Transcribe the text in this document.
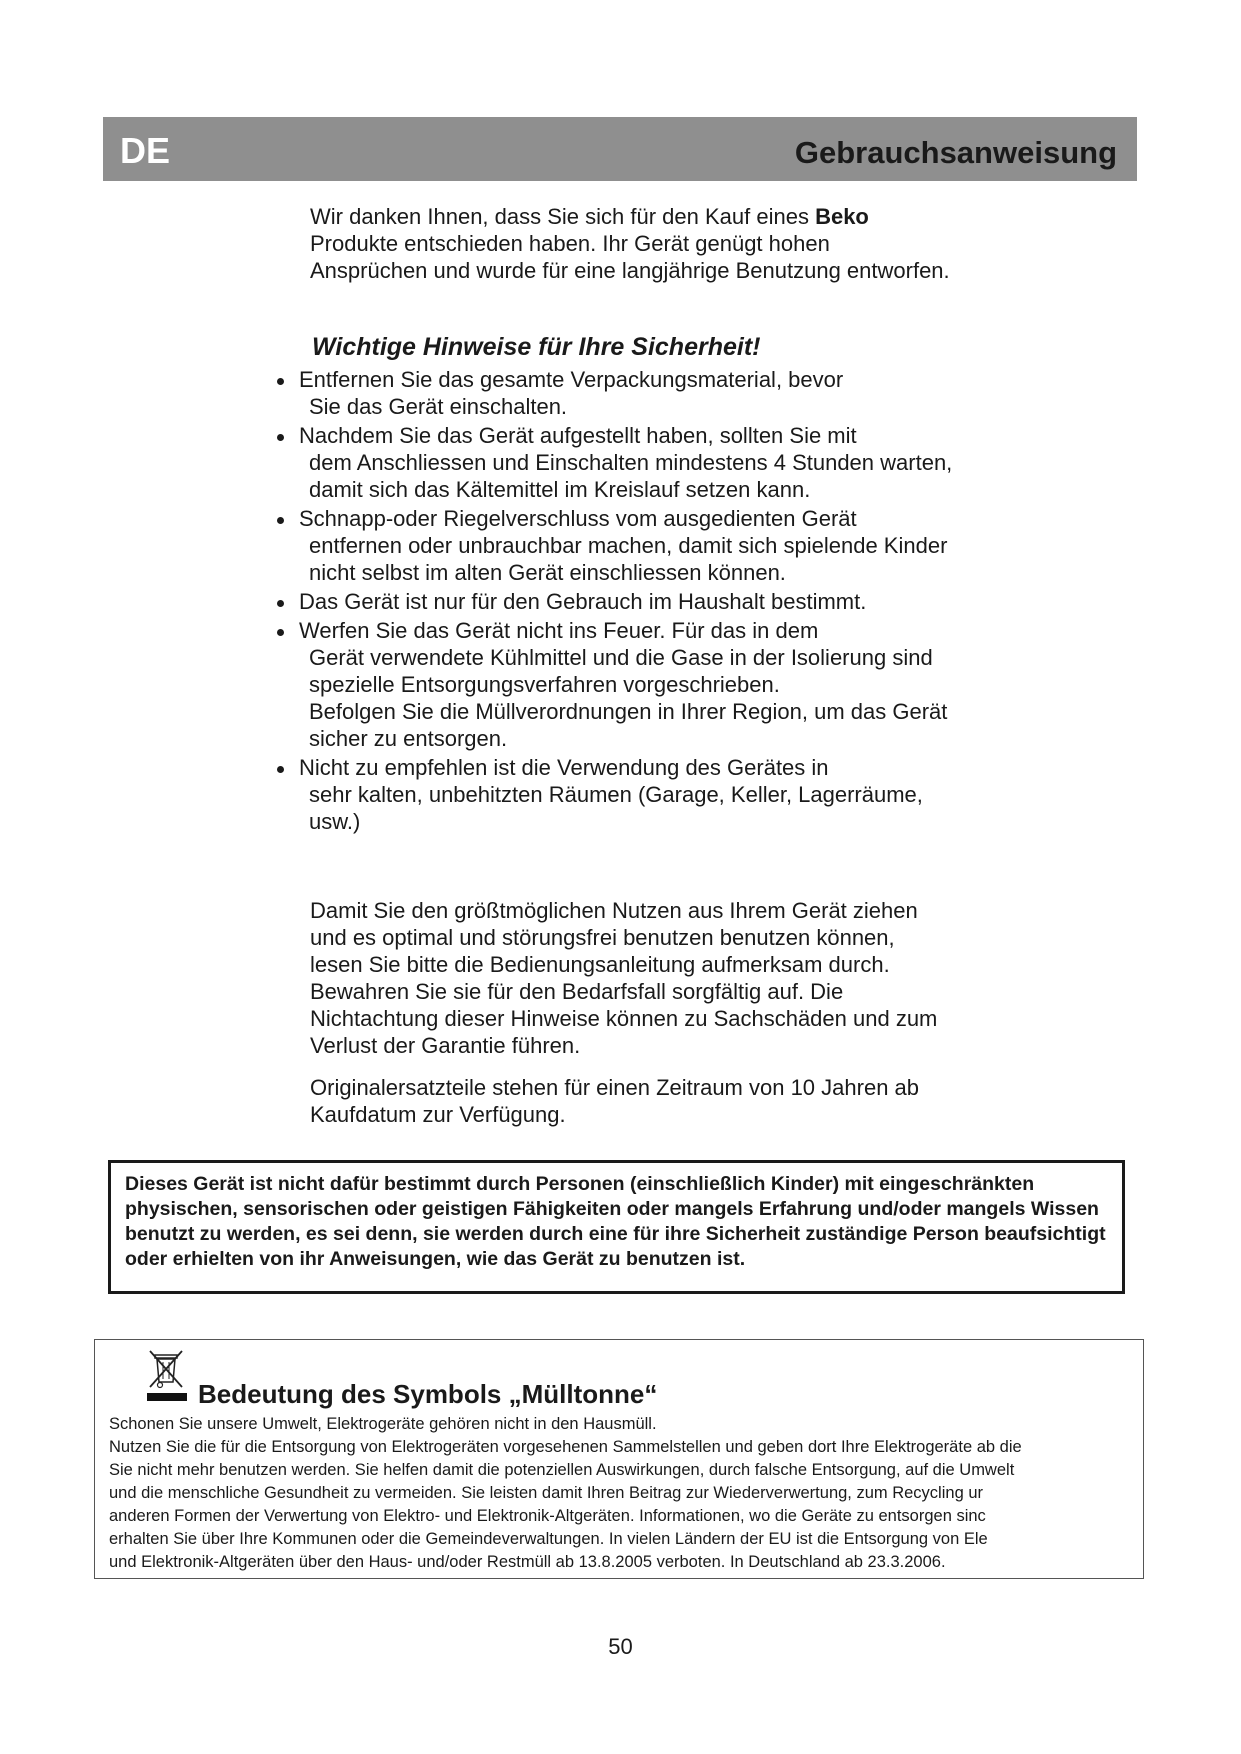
DE	Gebrauchsanweisung

Wir danken Ihnen, dass Sie sich für den Kauf eines Beko Produkte entschieden haben. Ihr Gerät genügt hohen Ansprüchen und wurde für eine langjährige Benutzung entworfen.

Wichtige Hinweise für Ihre Sicherheit!
Entfernen Sie das gesamte Verpackungsmaterial, bevor
Sie das Gerät einschalten.
Nachdem Sie das Gerät aufgestellt haben, sollten Sie mit
dem Anschliessen und Einschalten mindestens 4 Stunden warten, damit sich das Kältemittel im Kreislauf setzen kann.
Schnapp-oder Riegelverschluss vom ausgedienten Gerät
entfernen oder unbrauchbar machen, damit sich spielende Kinder nicht selbst im alten Gerät einschliessen können.
Das Gerät ist nur für den Gebrauch im Haushalt bestimmt.
Werfen Sie das Gerät nicht ins Feuer. Für das in dem
Gerät verwendete Kühlmittel und die Gase in der Isolierung sind spezielle Entsorgungsverfahren vorgeschrieben.
Befolgen Sie die Müllverordnungen in Ihrer Region, um das Gerät sicher zu entsorgen.
Nicht zu empfehlen ist die Verwendung des Gerätes in
sehr kalten, unbehitzten Räumen (Garage, Keller, Lagerräume, usw.)

Damit Sie den größtmöglichen Nutzen aus Ihrem Gerät ziehen und es optimal und störungsfrei benutzen benutzen können, lesen Sie bitte die Bedienungsanleitung aufmerksam durch. Bewahren Sie sie für den Bedarfsfall sorgfältig auf. Die Nichtachtung dieser Hinweise können zu Sachschäden und zum Verlust der Garantie führen.

Originalersatzteile stehen für einen Zeitraum von 10 Jahren ab Kaufdatum zur Verfügung.

Dieses Gerät ist nicht dafür bestimmt durch Personen (einschließlich Kinder) mit eingeschränkten physischen, sensorischen oder geistigen Fähigkeiten oder mangels Erfahrung und/oder mangels Wissen benutzt zu werden, es sei denn, sie werden durch eine für ihre Sicherheit zuständige Person beaufsichtigt oder erhielten von ihr Anweisungen, wie das Gerät zu benutzen ist.

Bedeutung des Symbols „Mülltonne“

Schonen Sie unsere Umwelt, Elektrogeräte gehören nicht in den Hausmüll.
Nutzen Sie die für die Entsorgung von Elektrogeräten vorgesehenen Sammelstellen und geben dort Ihre Elektrogeräte ab die
Sie nicht mehr benutzen werden. Sie helfen damit die potenziellen Auswirkungen, durch falsche Entsorgung, auf die Umwelt
und die menschliche Gesundheit zu vermeiden. Sie leisten damit Ihren Beitrag zur Wiederverwertung, zum Recycling ur
anderen Formen der Verwertung von Elektro- und Elektronik-Altgeräten. Informationen, wo die Geräte zu entsorgen sinc
erhalten Sie über Ihre Kommunen oder die Gemeindeverwaltungen. In vielen Ländern der EU ist die Entsorgung von Ele
und Elektronik-Altgeräten über den Haus- und/oder Restmüll ab 13.8.2005 verboten. In Deutschland ab 23.3.2006.

50
